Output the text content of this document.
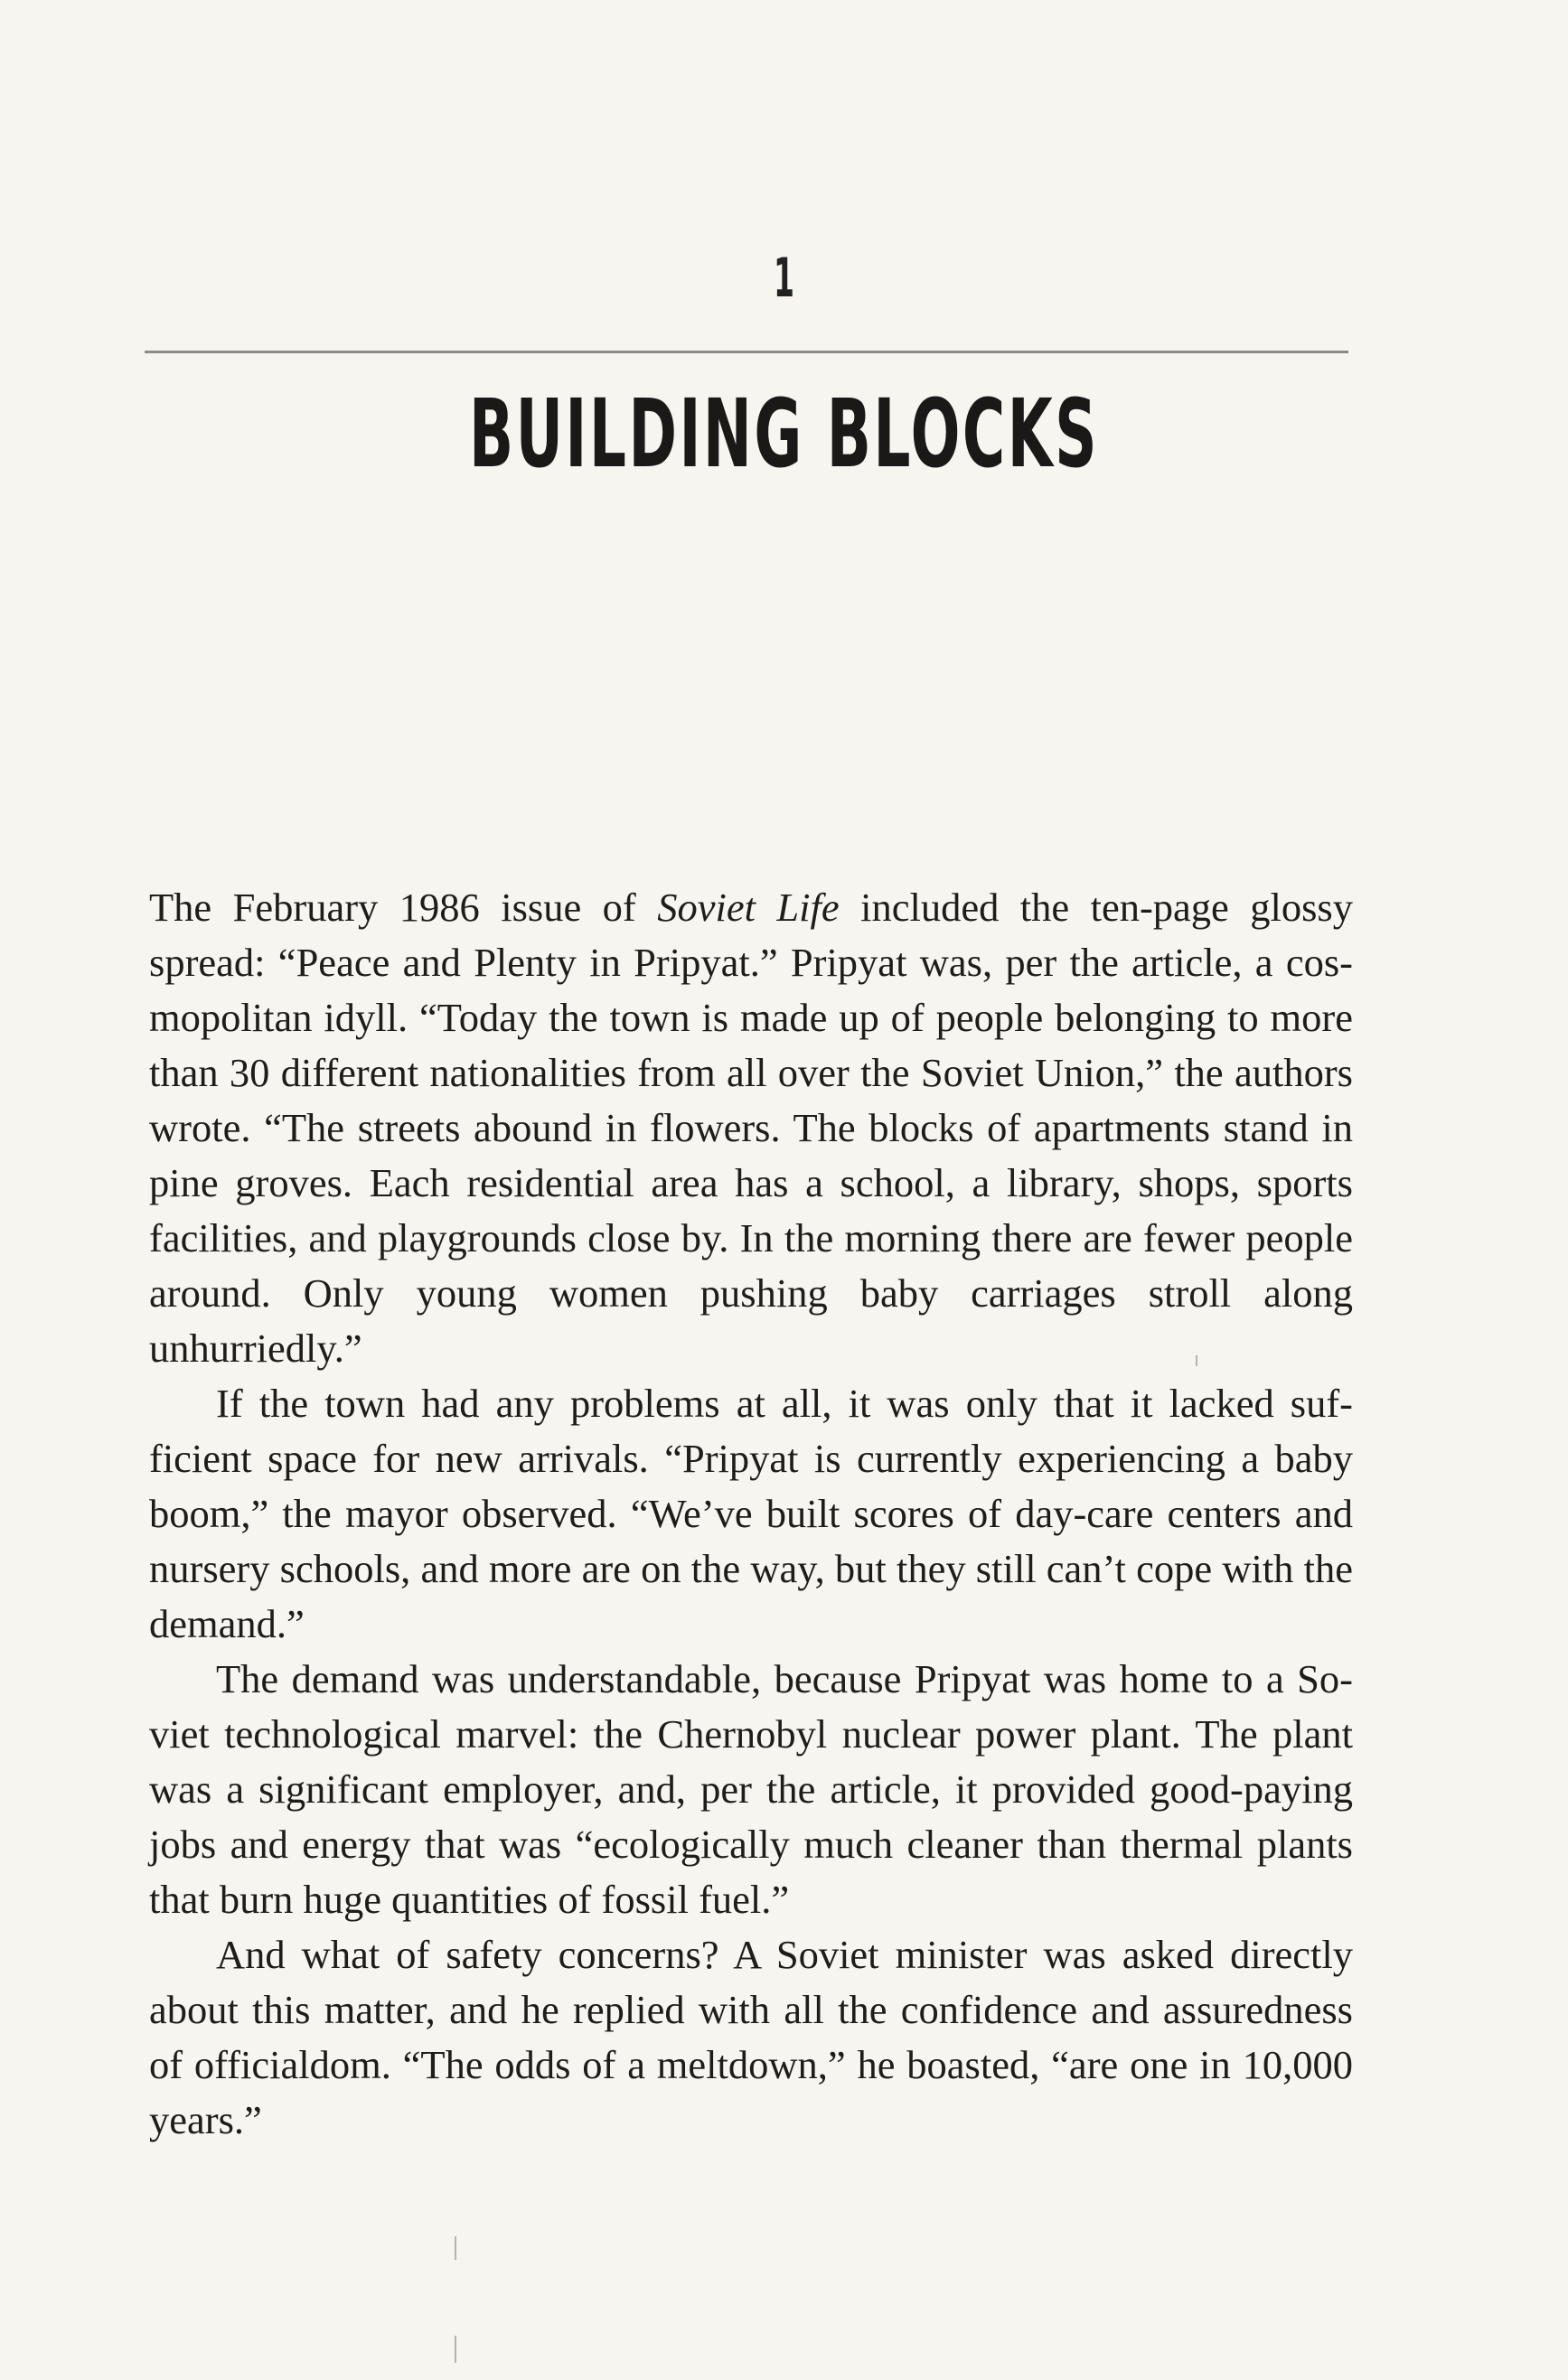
1
BUILDING BLOCKS

The February 1986 issue of Soviet Life included the ten-page glossy spread: “Peace and Plenty in Pripyat.” Pripyat was, per the article, a cosmopolitan idyll. “Today the town is made up of people belonging to more than 30 different nationalities from all over the Soviet Union,” the authors wrote. “The streets abound in flowers. The blocks of apartments stand in pine groves. Each residential area has a school, a library, shops, sports facilities, and playgrounds close by. In the morning there are fewer people around. Only young women pushing baby carriages stroll along unhurriedly.”

If the town had any problems at all, it was only that it lacked sufficient space for new arrivals. “Pripyat is currently experiencing a baby boom,” the mayor observed. “We’ve built scores of day-care centers and nursery schools, and more are on the way, but they still can’t cope with the demand.”

The demand was understandable, because Pripyat was home to a Soviet technological marvel: the Chernobyl nuclear power plant. The plant was a significant employer, and, per the article, it provided good-paying jobs and energy that was “ecologically much cleaner than thermal plants that burn huge quantities of fossil fuel.”

And what of safety concerns? A Soviet minister was asked directly about this matter, and he replied with all the confidence and assuredness of officialdom. “The odds of a meltdown,” he boasted, “are one in 10,000 years.”
